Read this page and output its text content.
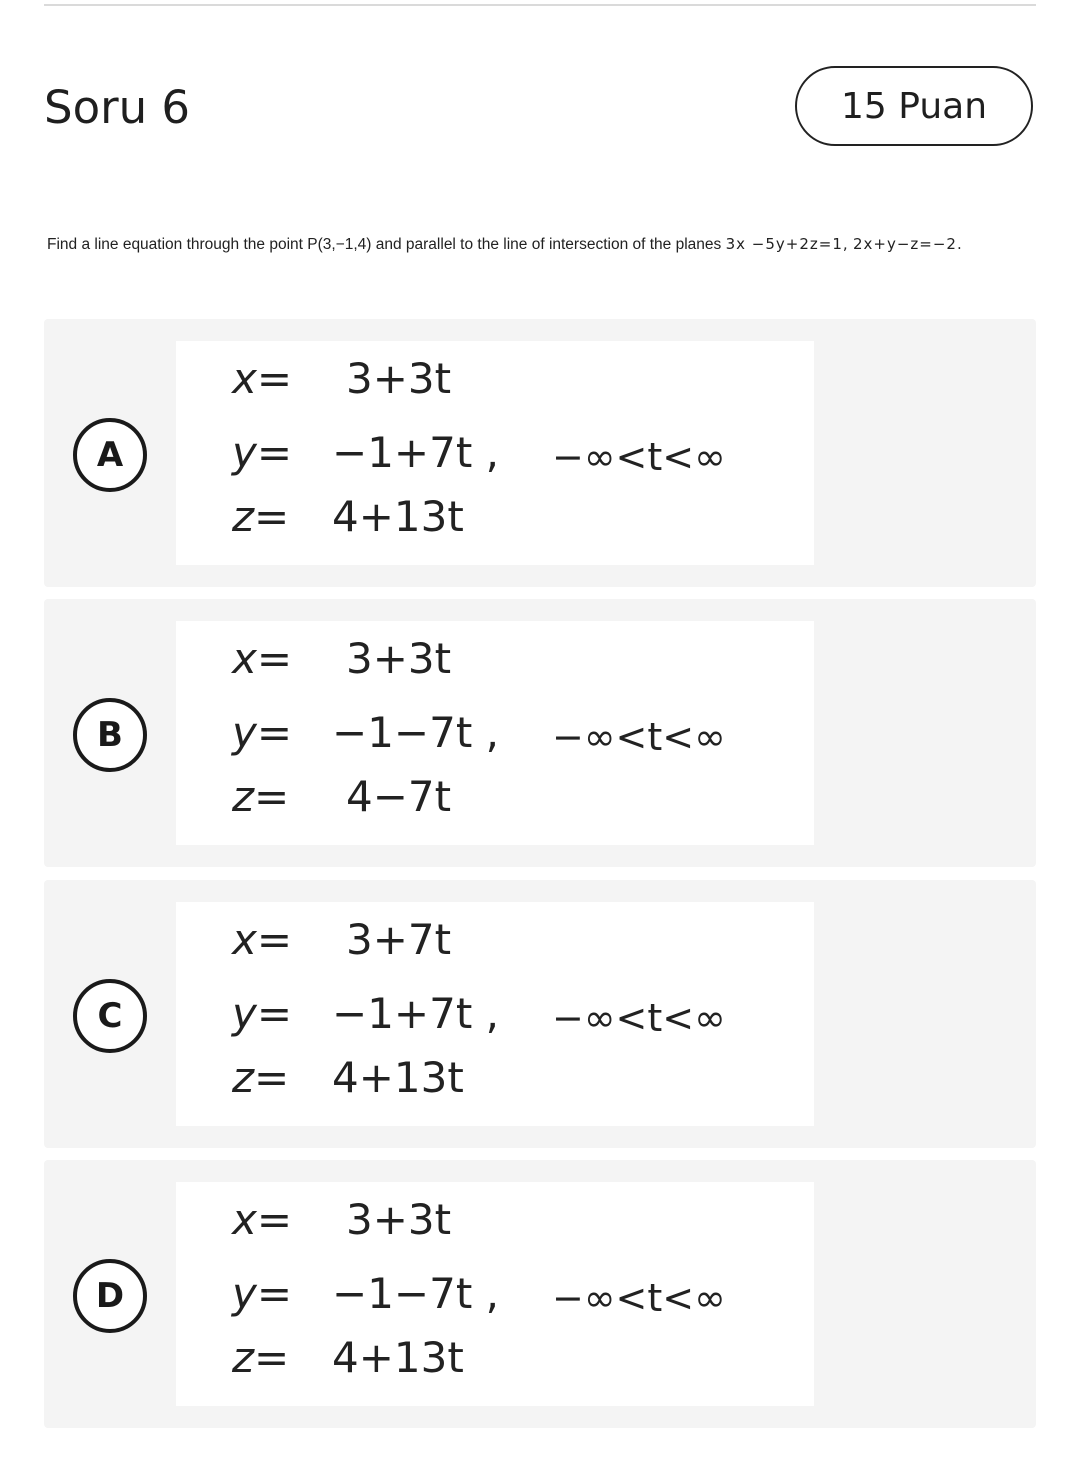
Soru 6	15 Puan
Find a line equation through the point P(3,−1,4) and parallel to the line of intersection of the planes 3x −5y+2z=1, 2x+y−z=−2.
A
x= 3+3t
y= −1+7t , −∞<t<∞
z=	4+13t
B
x= 3+3t
y= −1−7t , −∞<t<∞
z=	4−7t
C
x= 3+7t
y= −1+7t , −∞<t<∞
z=	4+13t
D
x= 3+3t
y= −1−7t , −∞<t<∞
z=	4+13t
